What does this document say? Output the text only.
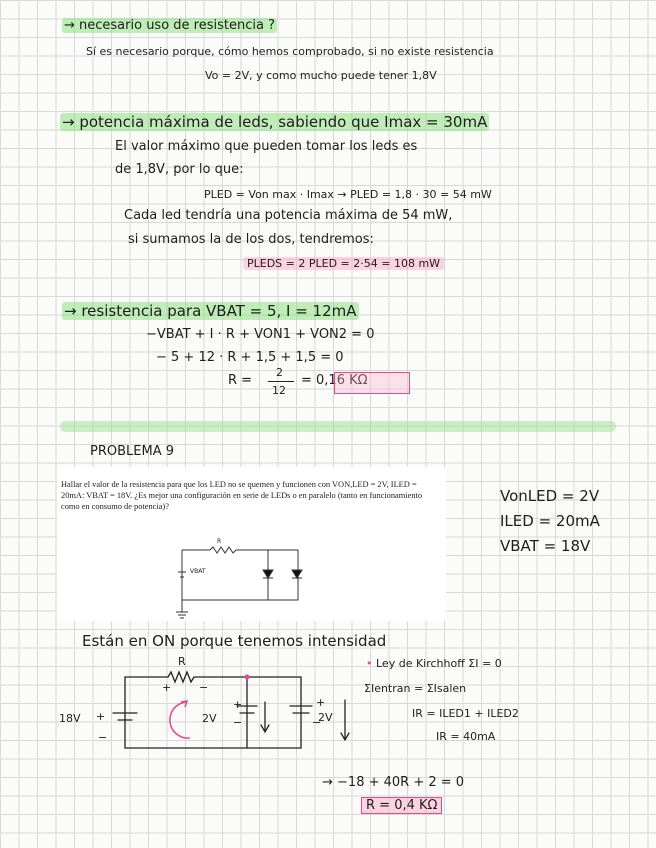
→ necesario uso de resistencia ?
Sí es necesario porque, cómo hemos comprobado, si no existe resistencia
Vo = 2V, y como mucho puede tener 1,8V
→ potencia máxima de leds, sabiendo que Imax = 30mA
El valor máximo que pueden tomar los leds es
de 1,8V, por lo que:
PLED = Von max · Imax → PLED = 1,8 · 30 = 54 mW
Cada led tendría una potencia máxima de 54 mW,
si sumamos la de los dos, tendremos:
PLEDS = 2 PLED = 2·54 = 108 mW
→ resistencia para VBAT = 5, I = 12mA
−VBAT + I · R + VON1 + VON2 = 0
− 5 + 12 · R + 1,5 + 1,5 = 0
R =
2
12
= 0,16 KΩ
PROBLEMA 9
Hallar el valor de la resistencia para que los LED no se quemen y funcionen con VON,LED = 2V, ILED = 20mA: VBAT = 18V. ¿Es mejor una configuración en serie de LEDs o en paralelo (tanto en funcionamiento como en consumo de potencia)?
VonLED = 2V
ILED = 20mA
VBAT = 18V
R
VBAT
Están en ON porque tenemos intensidad
• Ley de Kirchhoff ΣI = 0
ΣIentran = ΣIsalen
IR = ILED1 + ILED2
IR = 40mA
→ −18 + 40R + 2 = 0
R = 0,4 KΩ
R
+	−
18V +
−
2V
+
−	2V
+
−
